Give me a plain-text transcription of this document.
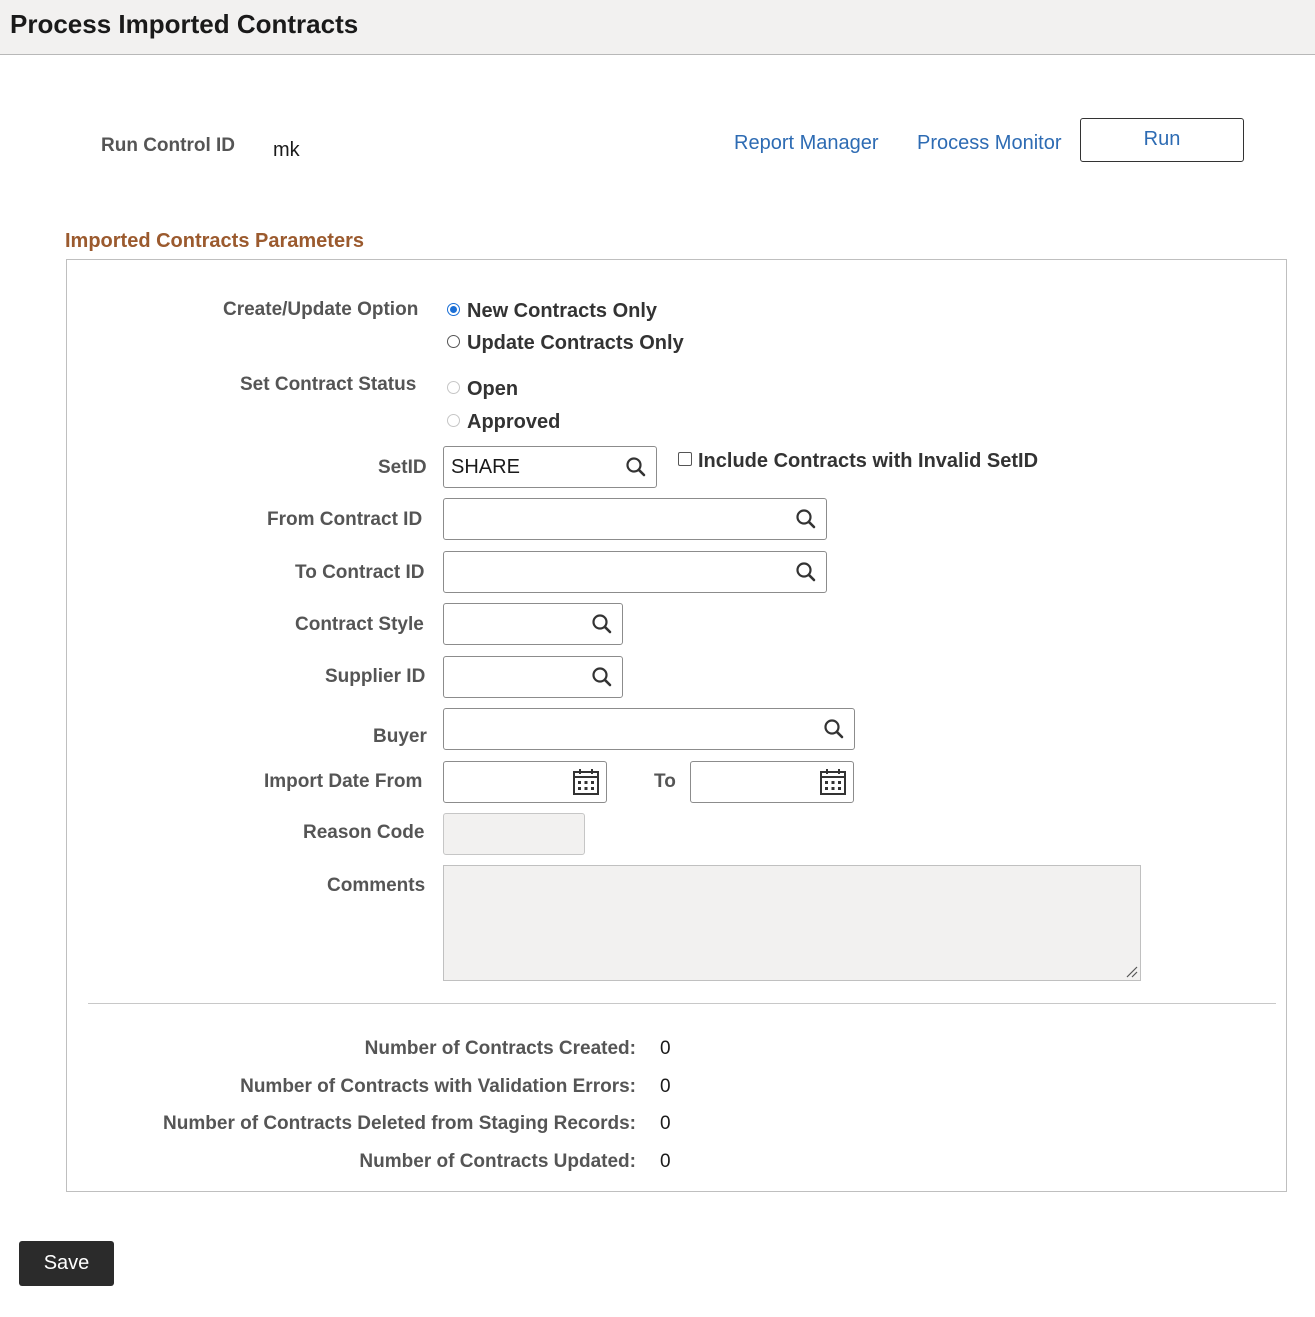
Process Imported Contracts
Run Control ID mk	Report Manager Process Monitor	Run
Imported Contracts Parameters
Create/Update Option New Contracts Only
Update Contracts Only
Set Contract Status	Open
Approved
SetID SHARE	Include Contracts with Invalid SetID
From Contract ID
To Contract ID
Contract Style
Supplier ID
Buyer
Import Date From	To
Reason Code
Comments
Number of Contracts Created: 0
Number of Contracts with Validation Errors: 0
Number of Contracts Deleted from Staging Records: 0
Number of Contracts Updated: 0
Save
